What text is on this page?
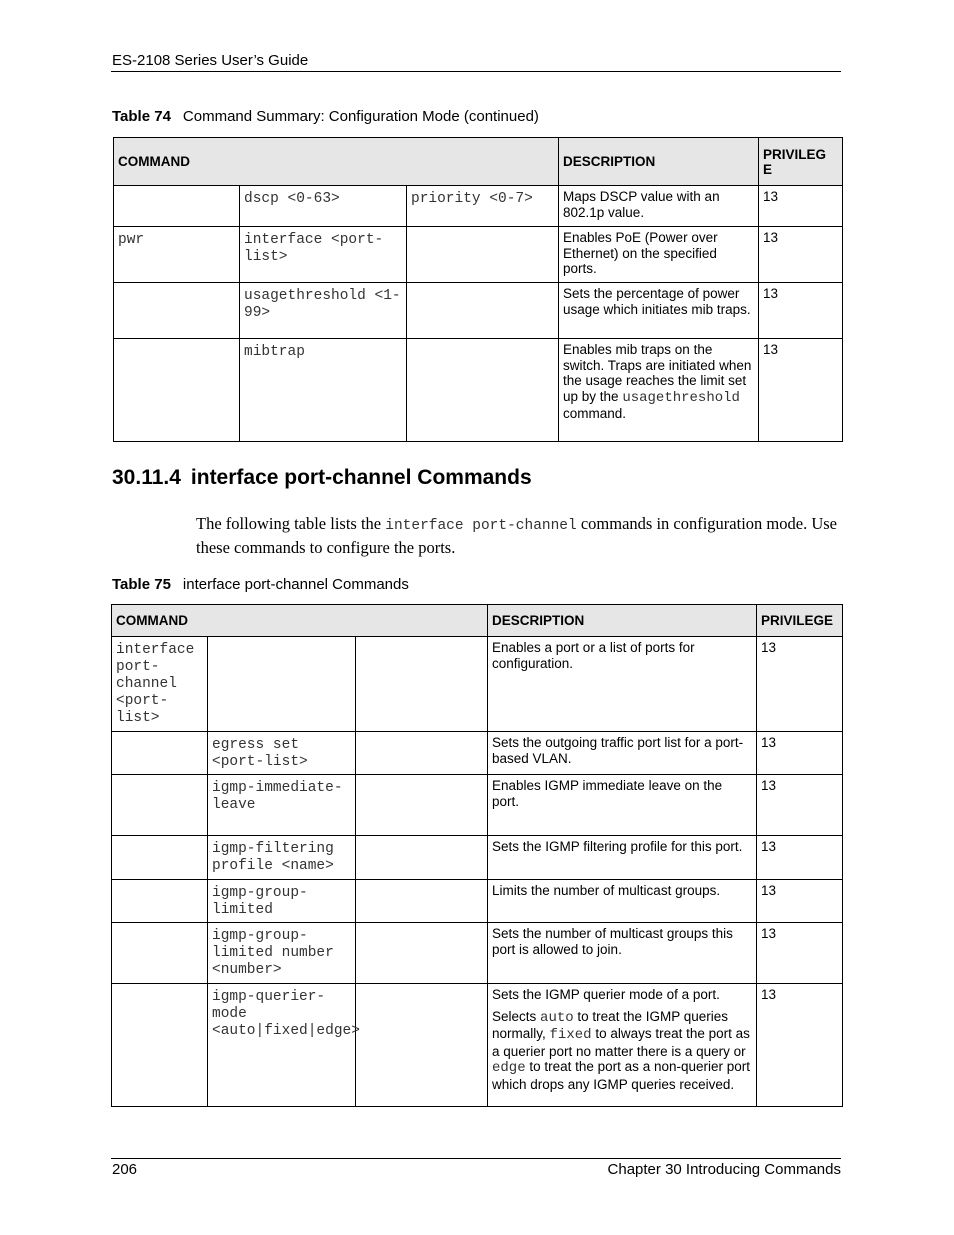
ES-2108 Series User’s Guide
Table 74 Command Summary: Configuration Mode (continued)
COMMAND			DESCRIPTION	PRIVILEG E
	dscp <0-63>	priority <0-7>	Maps DSCP value with an 802.1p value.	13
pwr	interface <port-list>		Enables PoE (Power over Ethernet) on the specified ports.	13
	usagethreshold <1-99>		Sets the percentage of power usage which initiates mib traps.	13
	mibtrap		Enables mib traps on the switch. Traps are initiated when the usage reaches the limit set up by the usagethreshold command.	13
30.11.4 interface port-channel Commands
The following table lists the interface port-channel commands in configuration mode. Use these commands to configure the ports.
Table 75 interface port-channel Commands
COMMAND			DESCRIPTION	PRIVILEGE
interface port-channel <port-list>			Enables a port or a list of ports for configuration.	13
	egress set <port-list>		Sets the outgoing traffic port list for a port-based VLAN.	13
	igmp-immediate-leave		Enables IGMP immediate leave on the port.	13
	igmp-filtering profile <name>		Sets the IGMP filtering profile for this port.	13
	igmp-group-limited		Limits the number of multicast groups.	13
	igmp-group-limited number <number>		Sets the number of multicast groups this port is allowed to join.	13
	igmp-querier-mode <auto|fixed|edge>		Sets the IGMP querier mode of a port.

Selects auto to treat the IGMP queries normally, fixed to always treat the port as a querier port no matter there is a query or edge to treat the port as a non-querier port which drops any IGMP queries received.	13
206	Chapter 30 Introducing Commands
